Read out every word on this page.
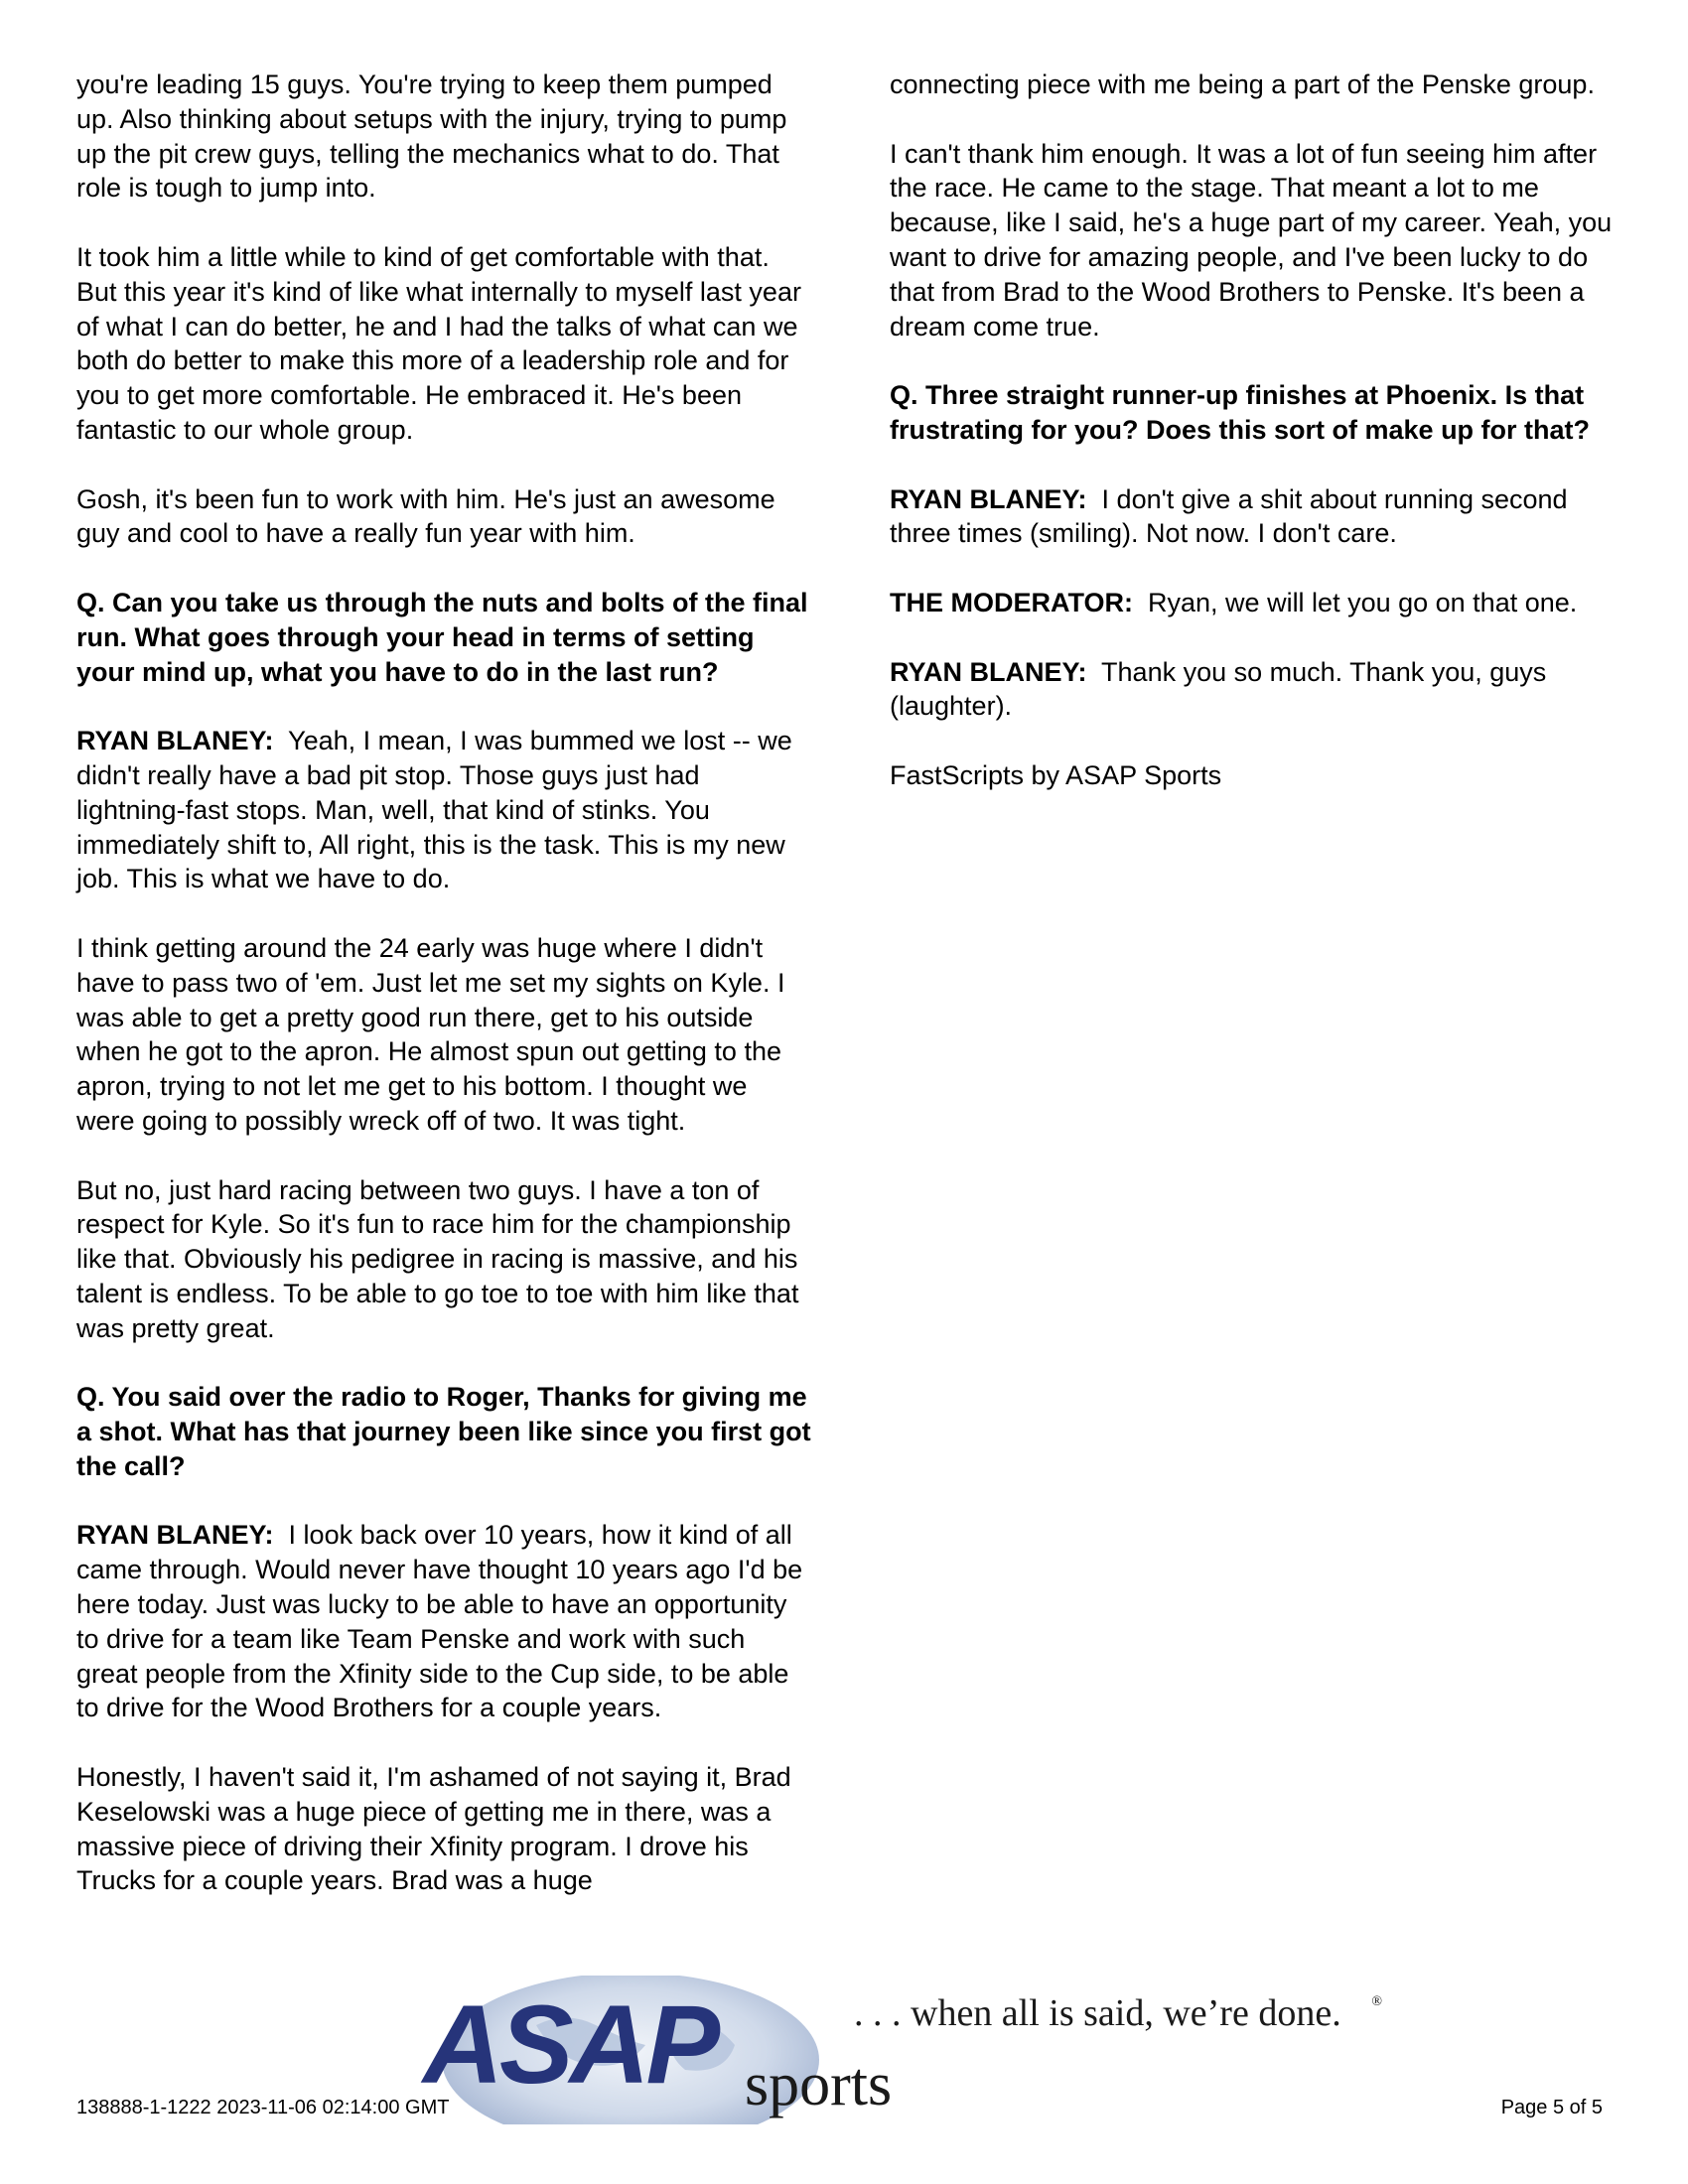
you're leading 15 guys. You're trying to keep them pumped up. Also thinking about setups with the injury, trying to pump up the pit crew guys, telling the mechanics what to do. That role is tough to jump into.

It took him a little while to kind of get comfortable with that. But this year it's kind of like what internally to myself last year of what I can do better, he and I had the talks of what can we both do better to make this more of a leadership role and for you to get more comfortable. He embraced it. He's been fantastic to our whole group.

Gosh, it's been fun to work with him. He's just an awesome guy and cool to have a really fun year with him.

Q. Can you take us through the nuts and bolts of the final run. What goes through your head in terms of setting your mind up, what you have to do in the last run?

RYAN BLANEY: Yeah, I mean, I was bummed we lost -- we didn't really have a bad pit stop. Those guys just had lightning-fast stops. Man, well, that kind of stinks. You immediately shift to, All right, this is the task. This is my new job. This is what we have to do.

I think getting around the 24 early was huge where I didn't have to pass two of 'em. Just let me set my sights on Kyle. I was able to get a pretty good run there, get to his outside when he got to the apron. He almost spun out getting to the apron, trying to not let me get to his bottom. I thought we were going to possibly wreck off of two. It was tight.

But no, just hard racing between two guys. I have a ton of respect for Kyle. So it's fun to race him for the championship like that. Obviously his pedigree in racing is massive, and his talent is endless. To be able to go toe to toe with him like that was pretty great.

Q. You said over the radio to Roger, Thanks for giving me a shot. What has that journey been like since you first got the call?

RYAN BLANEY: I look back over 10 years, how it kind of all came through. Would never have thought 10 years ago I'd be here today. Just was lucky to be able to have an opportunity to drive for a team like Team Penske and work with such great people from the Xfinity side to the Cup side, to be able to drive for the Wood Brothers for a couple years.

Honestly, I haven't said it, I'm ashamed of not saying it, Brad Keselowski was a huge piece of getting me in there, was a massive piece of driving their Xfinity program. I drove his Trucks for a couple years. Brad was a huge

connecting piece with me being a part of the Penske group.

I can't thank him enough. It was a lot of fun seeing him after the race. He came to the stage. That meant a lot to me because, like I said, he's a huge part of my career. Yeah, you want to drive for amazing people, and I've been lucky to do that from Brad to the Wood Brothers to Penske. It's been a dream come true.

Q. Three straight runner-up finishes at Phoenix. Is that frustrating for you? Does this sort of make up for that?

RYAN BLANEY: I don't give a shit about running second three times (smiling). Not now. I don't care.

THE MODERATOR: Ryan, we will let you go on that one.

RYAN BLANEY: Thank you so much. Thank you, guys (laughter).

FastScripts by ASAP Sports

ASAP sports
. . . when all is said, we’re done. ®
138888-1-1222 2023-11-06 02:14:00 GMT	Page 5 of 5
